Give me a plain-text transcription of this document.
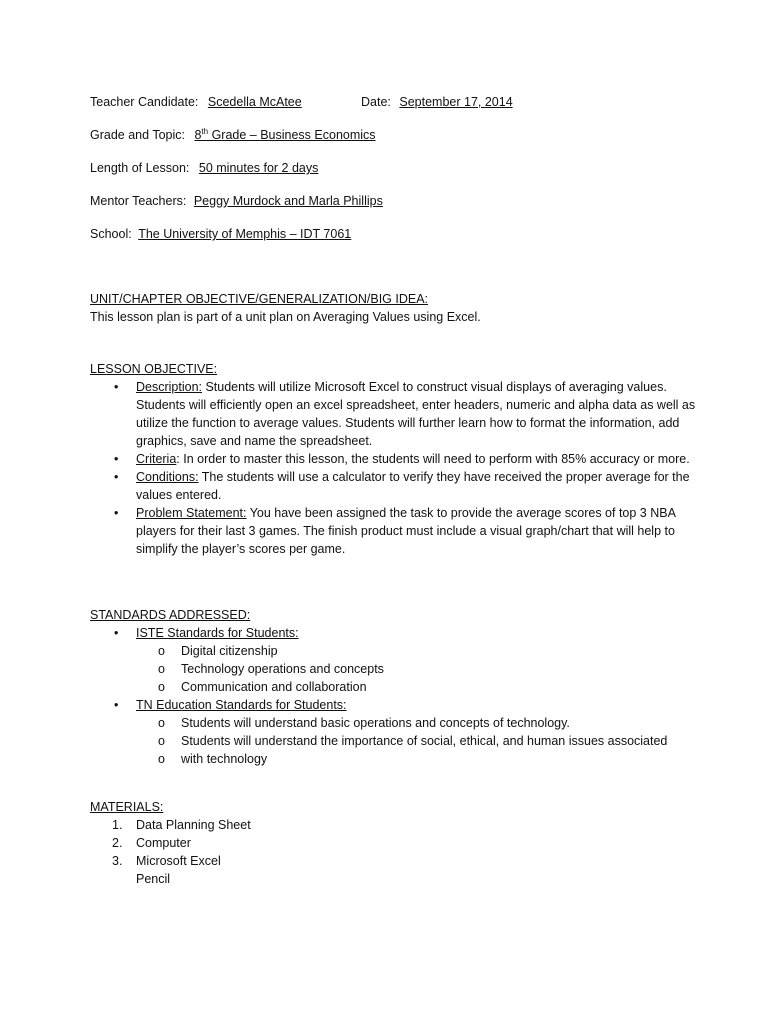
Teacher Candidate: Scedella McAtee	Date: September 17, 2014
Grade and Topic: 8th Grade – Business Economics
Length of Lesson: 50 minutes for 2 days
Mentor Teachers: Peggy Murdock and Marla Phillips
School: The University of Memphis – IDT 7061
UNIT/CHAPTER OBJECTIVE/GENERALIZATION/BIG IDEA:
This lesson plan is part of a unit plan on Averaging Values using Excel.
LESSON OBJECTIVE:
• Description: Students will utilize Microsoft Excel to construct visual displays of averaging values. Students will efficiently open an excel spreadsheet, enter headers, numeric and alpha data as well as utilize the function to average values. Students will further learn how to format the information, add graphics, save and name the spreadsheet.
• Criteria: In order to master this lesson, the students will need to perform with 85% accuracy or more.
• Conditions: The students will use a calculator to verify they have received the proper average for the values entered.
• Problem Statement: You have been assigned the task to provide the average scores of top 3 NBA players for their last 3 games. The finish product must include a visual graph/chart that will help to simplify the player’s scores per game.
STANDARDS ADDRESSED:
• ISTE Standards for Students:
o Digital citizenship
o Technology operations and concepts
o Communication and collaboration
• TN Education Standards for Students:
o Students will understand basic operations and concepts of technology.
o Students will understand the importance of social, ethical, and human issues associated
o with technology
MATERIALS:
1. Data Planning Sheet
2. Computer
3. Microsoft Excel
Pencil
